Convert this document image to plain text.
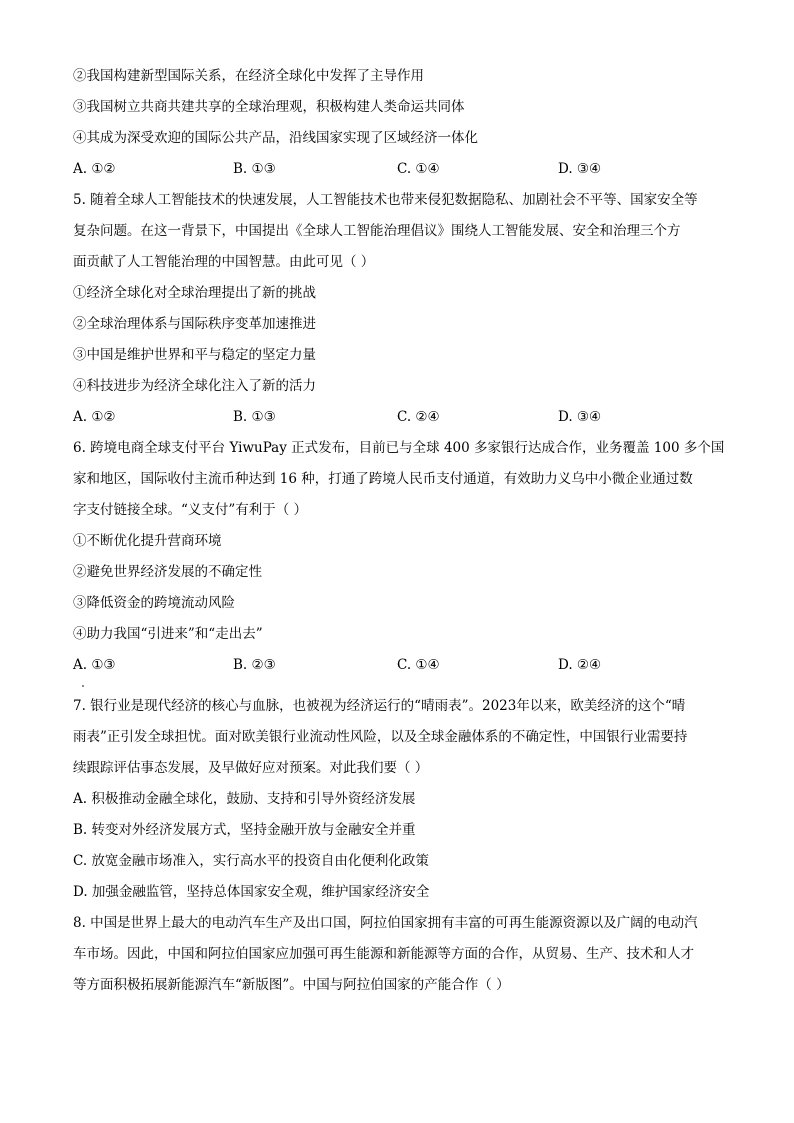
②我国构建新型国际关系，在经济全球化中发挥了主导作用
③我国树立共商共建共享的全球治理观，积极构建人类命运共同体
④其成为深受欢迎的国际公共产品，沿线国家实现了区域经济一体化
A. ①②	B. ①③	C. ①④	D. ③④
5. 随着全球人工智能技术的快速发展，人工智能技术也带来侵犯数据隐私、加剧社会不平等、国家安全等
复杂问题。在这一背景下，中国提出《全球人工智能治理倡议》围绕人工智能发展、安全和治理三个方
面贡献了人工智能治理的中国智慧。由此可见（ ）
①经济全球化对全球治理提出了新的挑战
②全球治理体系与国际秩序变革加速推进
③中国是维护世界和平与稳定的坚定力量
④科技进步为经济全球化注入了新的活力
A. ①②	B. ①③	C. ②④	D. ③④
6. 跨境电商全球支付平台 YiwuPay 正式发布，目前已与全球 400 多家银行达成合作，业务覆盖 100 多个国
家和地区，国际收付主流币种达到 16 种，打通了跨境人民币支付通道，有效助力义乌中小微企业通过数
字支付链接全球。“义支付”有利于（ ）
①不断优化提升营商环境
②避免世界经济发展的不确定性
③降低资金的跨境流动风险
④助力我国“引进来”和“走出去”
A. ①③	B. ②③	C. ①④	D. ②④
7. 银行业是现代经济的核心与血脉，也被视为经济运行的“晴雨表”。2023年以来，欧美经济的这个“晴
雨表”正引发全球担忧。面对欧美银行业流动性风险，以及全球金融体系的不确定性，中国银行业需要持
续跟踪评估事态发展，及早做好应对预案。对此我们要（ ）
A. 积极推动金融全球化，鼓励、支持和引导外资经济发展
B. 转变对外经济发展方式，坚持金融开放与金融安全并重
C. 放宽金融市场准入，实行高水平的投资自由化便利化政策
D. 加强金融监管，坚持总体国家安全观，维护国家经济安全
8. 中国是世界上最大的电动汽车生产及出口国，阿拉伯国家拥有丰富的可再生能源资源以及广阔的电动汽
车市场。因此，中国和阿拉伯国家应加强可再生能源和新能源等方面的合作，从贸易、生产、技术和人才
等方面积极拓展新能源汽车“新版图”。中国与阿拉伯国家的产能合作（ ）
